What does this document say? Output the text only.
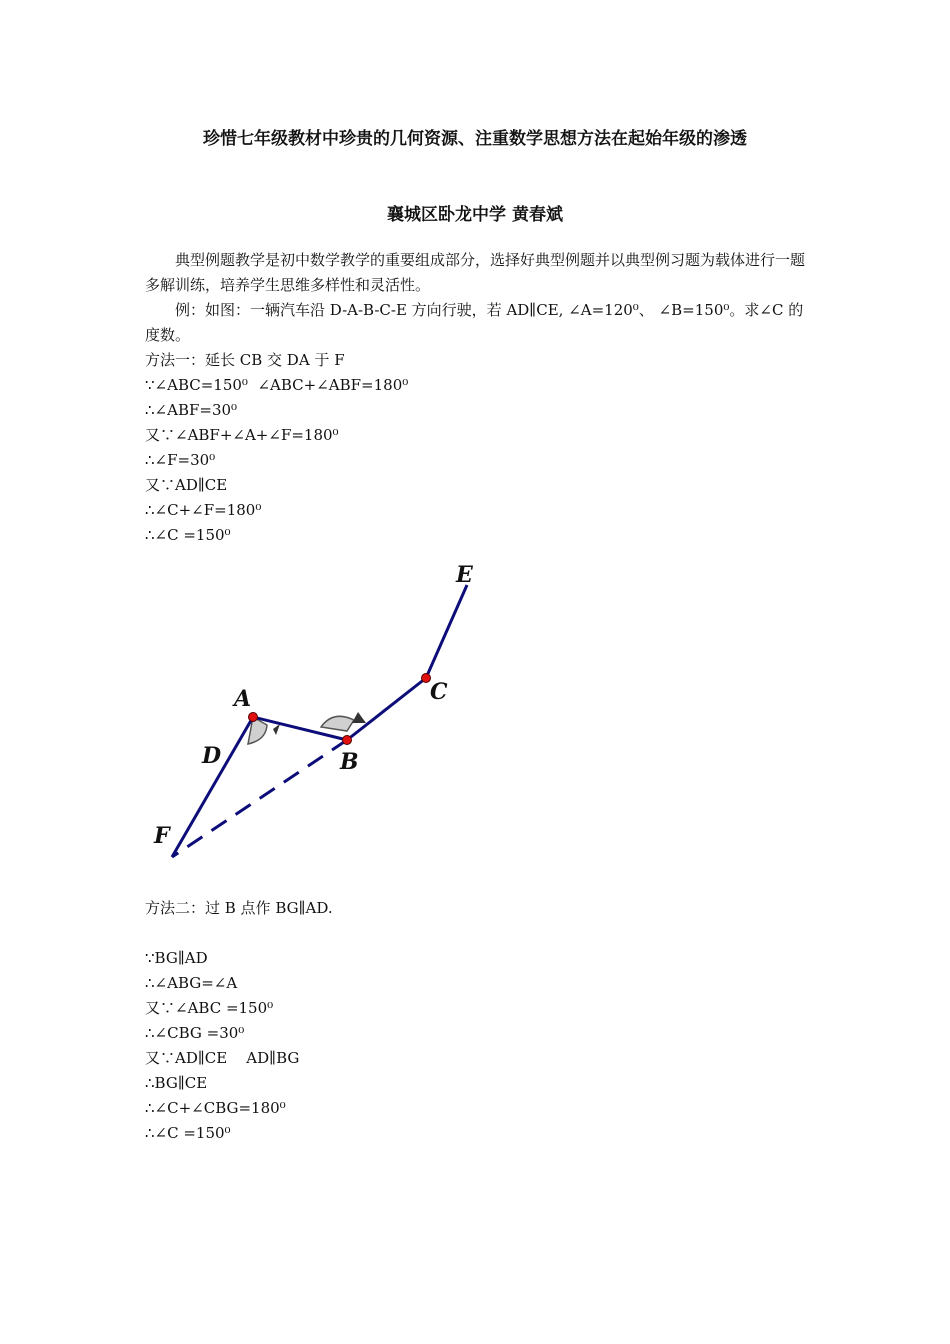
珍惜七年级教材中珍贵的几何资源、注重数学思想方法在起始年级的渗透
襄城区卧龙中学 黄春斌
　　典型例题教学是初中数学教学的重要组成部分，选择好典型例题并以典型例习题为载体进行一题多解训练，培养学生思维多样性和灵活性。
　　例：如图：一辆汽车沿 D-A-B-C-E 方向行驶，若 AD∥CE, ∠A=120⁰、 ∠B=150⁰。求∠C 的度数。
方法一：延长 CB 交 DA 于 F
∵∠ABC=150⁰  ∠ABC+∠ABF=180⁰
∴∠ABF=30⁰
又∵∠ABF+∠A+∠F=180⁰
∴∠F=30⁰
又∵AD∥CE
∴∠C+∠F=180⁰
∴∠C =150⁰
E
C
A
D	B
F
方法二：过 B 点作 BG∥AD.
∵BG∥AD
∴∠ABG=∠A
又∵∠ABC =150⁰
∴∠CBG =30⁰
又∵AD∥CE    AD∥BG
∴BG∥CE
∴∠C+∠CBG=180⁰
∴∠C =150⁰
